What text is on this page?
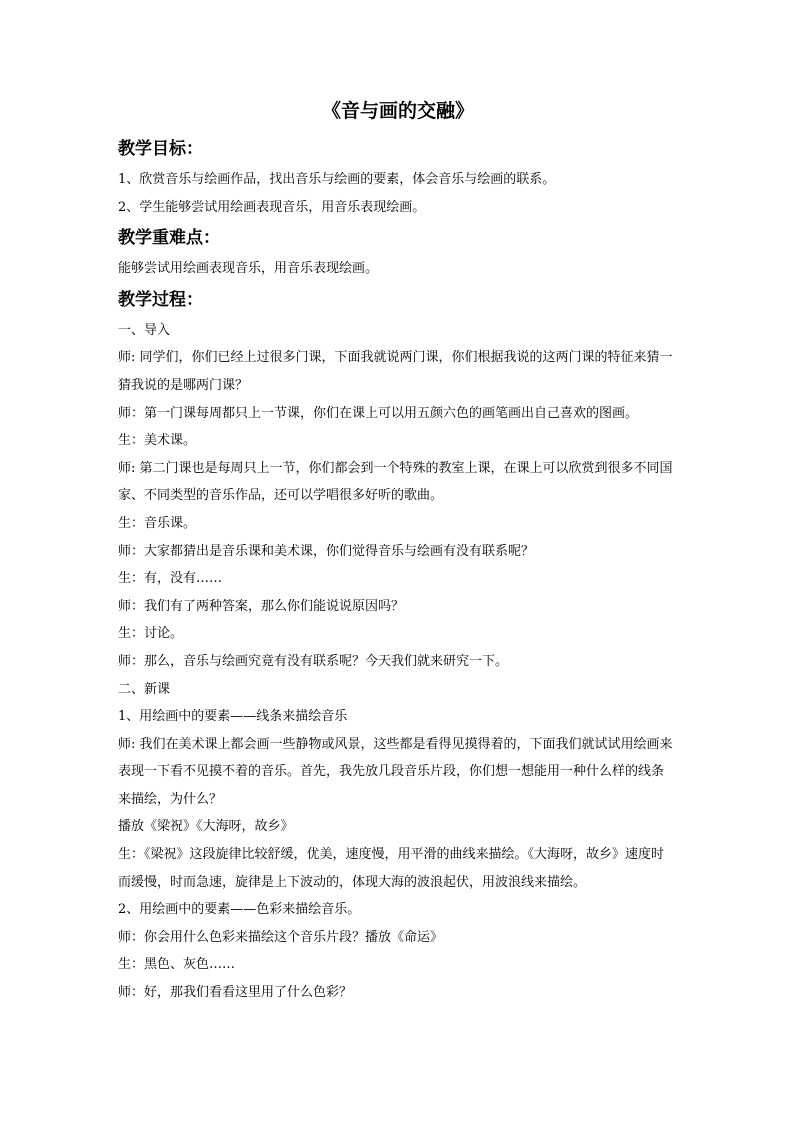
《音与画的交融》
教学目标：

1、欣赏音乐与绘画作品，找出音乐与绘画的要素，体会音乐与绘画的联系。

2、学生能够尝试用绘画表现音乐，用音乐表现绘画。

教学重难点：

能够尝试用绘画表现音乐，用音乐表现绘画。

教学过程：

一、导入

师: 同学们，你们已经上过很多门课，下面我就说两门课，你们根据我说的这两门课的特征来猜一猜我说的是哪两门课？

师：第一门课每周都只上一节课，你们在课上可以用五颜六色的画笔画出自己喜欢的图画。

生：美术课。

师: 第二门课也是每周只上一节，你们都会到一个特殊的教室上课，在课上可以欣赏到很多不同国家、不同类型的音乐作品，还可以学唱很多好听的歌曲。

生：音乐课。

师：大家都猜出是音乐课和美术课，你们觉得音乐与绘画有没有联系呢？

生：有，没有……

师：我们有了两种答案，那么你们能说说原因吗？

生：讨论。

师：那么，音乐与绘画究竟有没有联系呢？今天我们就来研究一下。

二、新课

1、用绘画中的要素——线条来描绘音乐

师: 我们在美术课上都会画一些静物或风景，这些都是看得见摸得着的，下面我们就试试用绘画来表现一下看不见摸不着的音乐。首先，我先放几段音乐片段，你们想一想能用一种什么样的线条来描绘，为什么？

播放《梁祝》《大海呀，故乡》

生：《梁祝》这段旋律比较舒缓，优美，速度慢，用平滑的曲线来描绘。《大海呀，故乡》速度时而缓慢，时而急速，旋律是上下波动的，体现大海的波浪起伏，用波浪线来描绘。

2、用绘画中的要素——色彩来描绘音乐。

师：你会用什么色彩来描绘这个音乐片段？播放《命运》

生：黑色、灰色……

师：好，那我们看看这里用了什么色彩？
